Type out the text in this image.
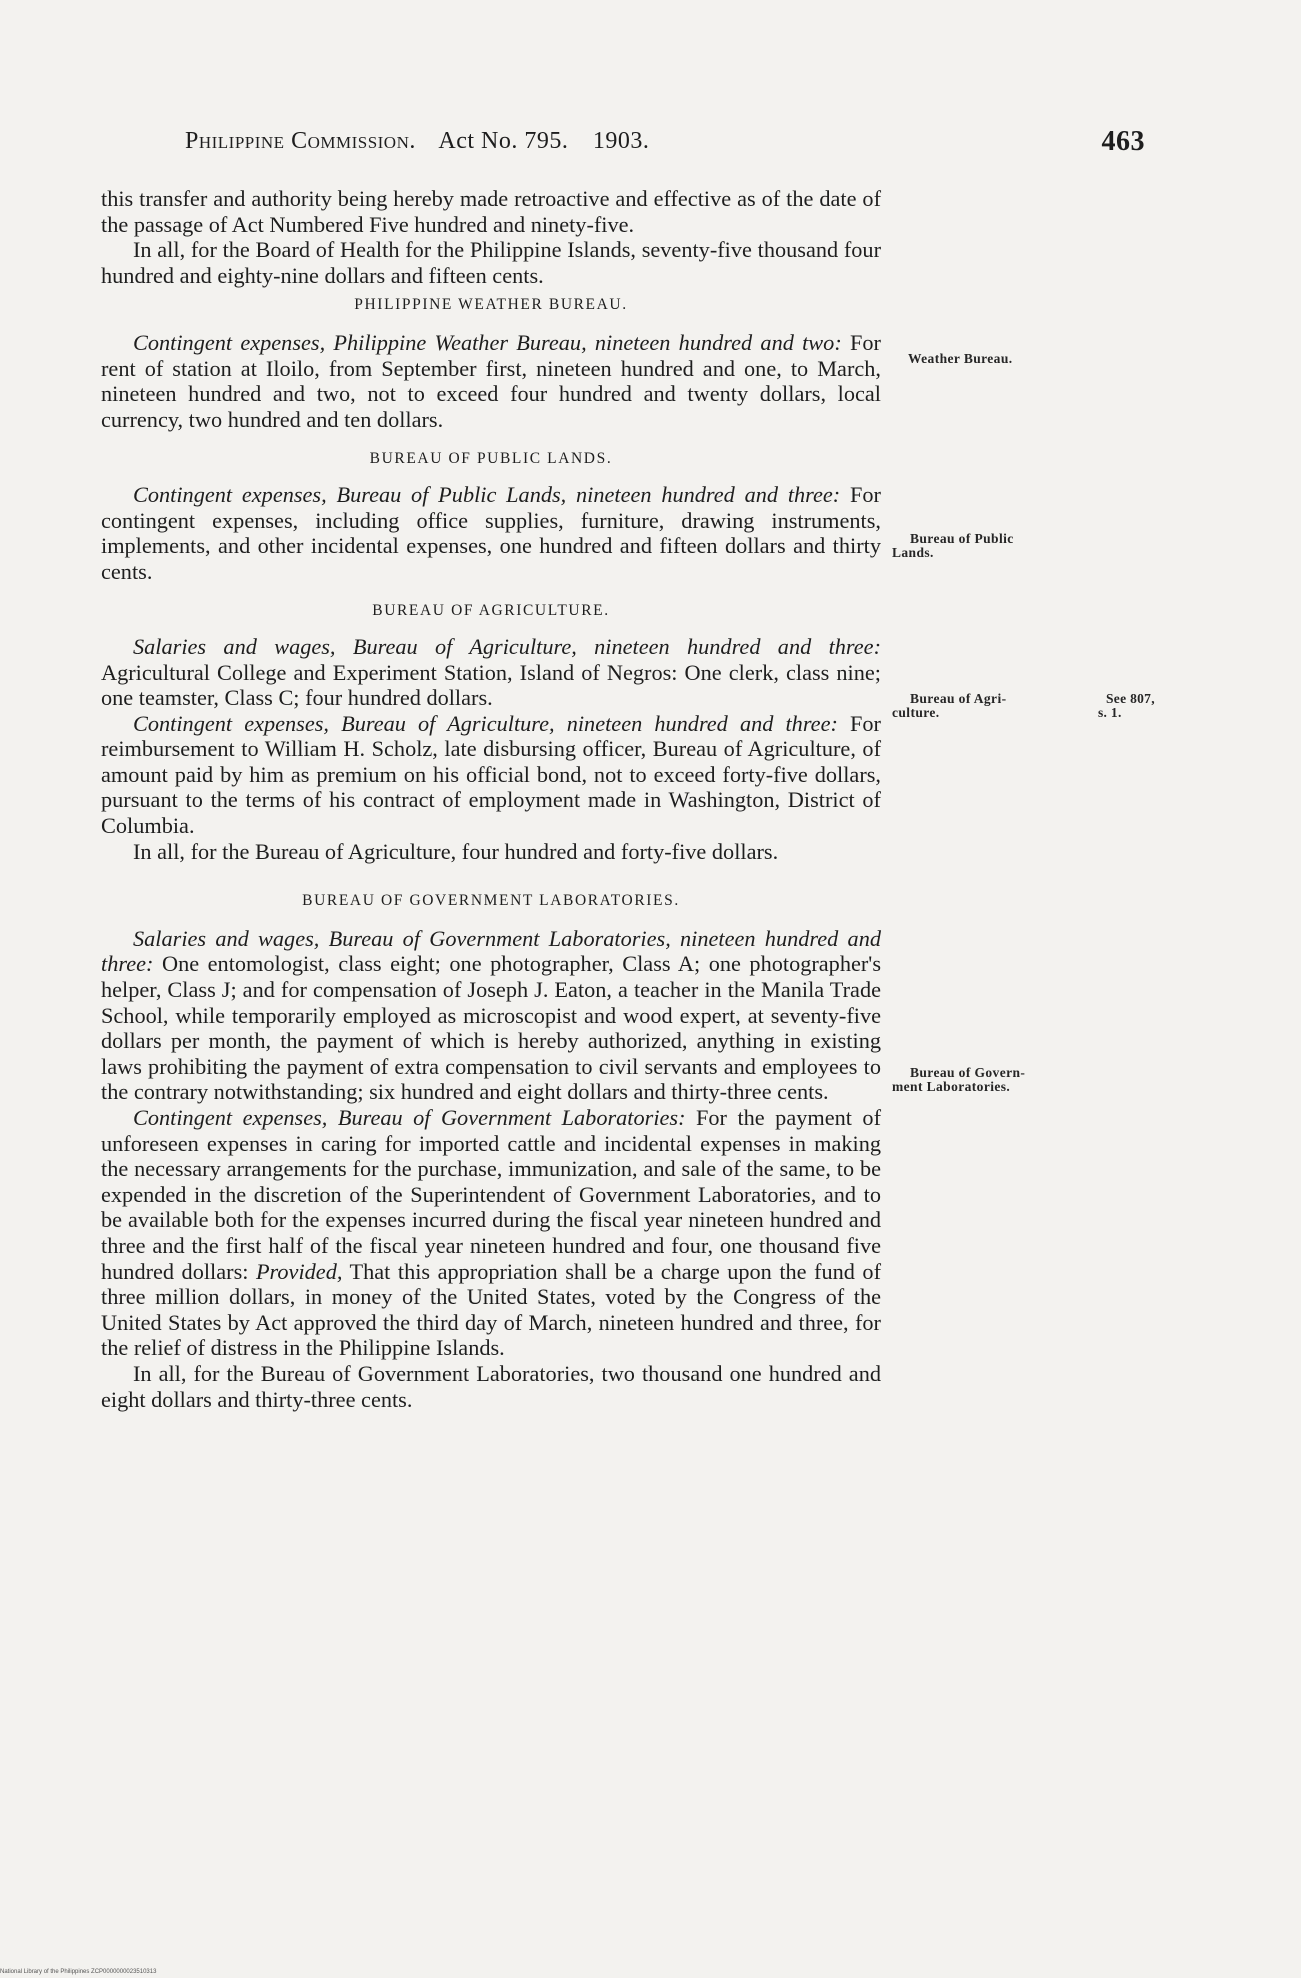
Philippine Commission. Act No. 795. 1903.	463

this transfer and authority being hereby made retroactive and effective as of the date of the passage of Act Numbered Five hundred and ninety-five.

In all, for the Board of Health for the Philippine Islands, seventy-five thousand four hundred and eighty-nine dollars and fifteen cents.

PHILIPPINE WEATHER BUREAU.

Contingent expenses, Philippine Weather Bureau, nineteen hundred and two: For rent of station at Iloilo, from September first, nineteen hundred and one, to March, nineteen hundred and two, not to exceed four hundred and twenty dollars, local currency, two hundred and ten dollars.

BUREAU OF PUBLIC LANDS.

Contingent expenses, Bureau of Public Lands, nineteen hundred and three: For contingent expenses, including office supplies, furniture, drawing instruments, implements, and other incidental expenses, one hundred and fifteen dollars and thirty cents.

BUREAU OF AGRICULTURE.

Salaries and wages, Bureau of Agriculture, nineteen hundred and three: Agricultural College and Experiment Station, Island of Negros: One clerk, class nine; one teamster, Class C; four hundred dollars.

Contingent expenses, Bureau of Agriculture, nineteen hundred and three: For reimbursement to William H. Scholz, late disbursing officer, Bureau of Agriculture, of amount paid by him as premium on his official bond, not to exceed forty-five dollars, pursuant to the terms of his contract of employment made in Washington, District of Columbia.

In all, for the Bureau of Agriculture, four hundred and forty-five dollars.

BUREAU OF GOVERNMENT LABORATORIES.

Salaries and wages, Bureau of Government Laboratories, nineteen hundred and three: One entomologist, class eight; one photographer, Class A; one photographer's helper, Class J; and for compensation of Joseph J. Eaton, a teacher in the Manila Trade School, while temporarily employed as microscopist and wood expert, at seventy-five dollars per month, the payment of which is hereby authorized, anything in existing laws prohibiting the payment of extra compensation to civil servants and employees to the contrary notwithstanding; six hundred and eight dollars and thirty-three cents.

Contingent expenses, Bureau of Government Laboratories: For the payment of unforeseen expenses in caring for imported cattle and incidental expenses in making the necessary arrangements for the purchase, immunization, and sale of the same, to be expended in the discretion of the Superintendent of Government Laboratories, and to be available both for the expenses incurred during the fiscal year nineteen hundred and three and the first half of the fiscal year nineteen hundred and four, one thousand five hundred dollars: Provided, That this appropriation shall be a charge upon the fund of three million dollars, in money of the United States, voted by the Congress of the United States by Act approved the third day of March, nineteen hundred and three, for the relief of distress in the Philippine Islands.

In all, for the Bureau of Government Laboratories, two thousand one hundred and eight dollars and thirty-three cents.

Weather Bureau.
Bureau of Public
Lands.
Bureau of Agri-
culture.
See 807,
s. 1.
Bureau of Govern-
ment Laboratories.
National Library of the Philippines ZCP0000000023510313
